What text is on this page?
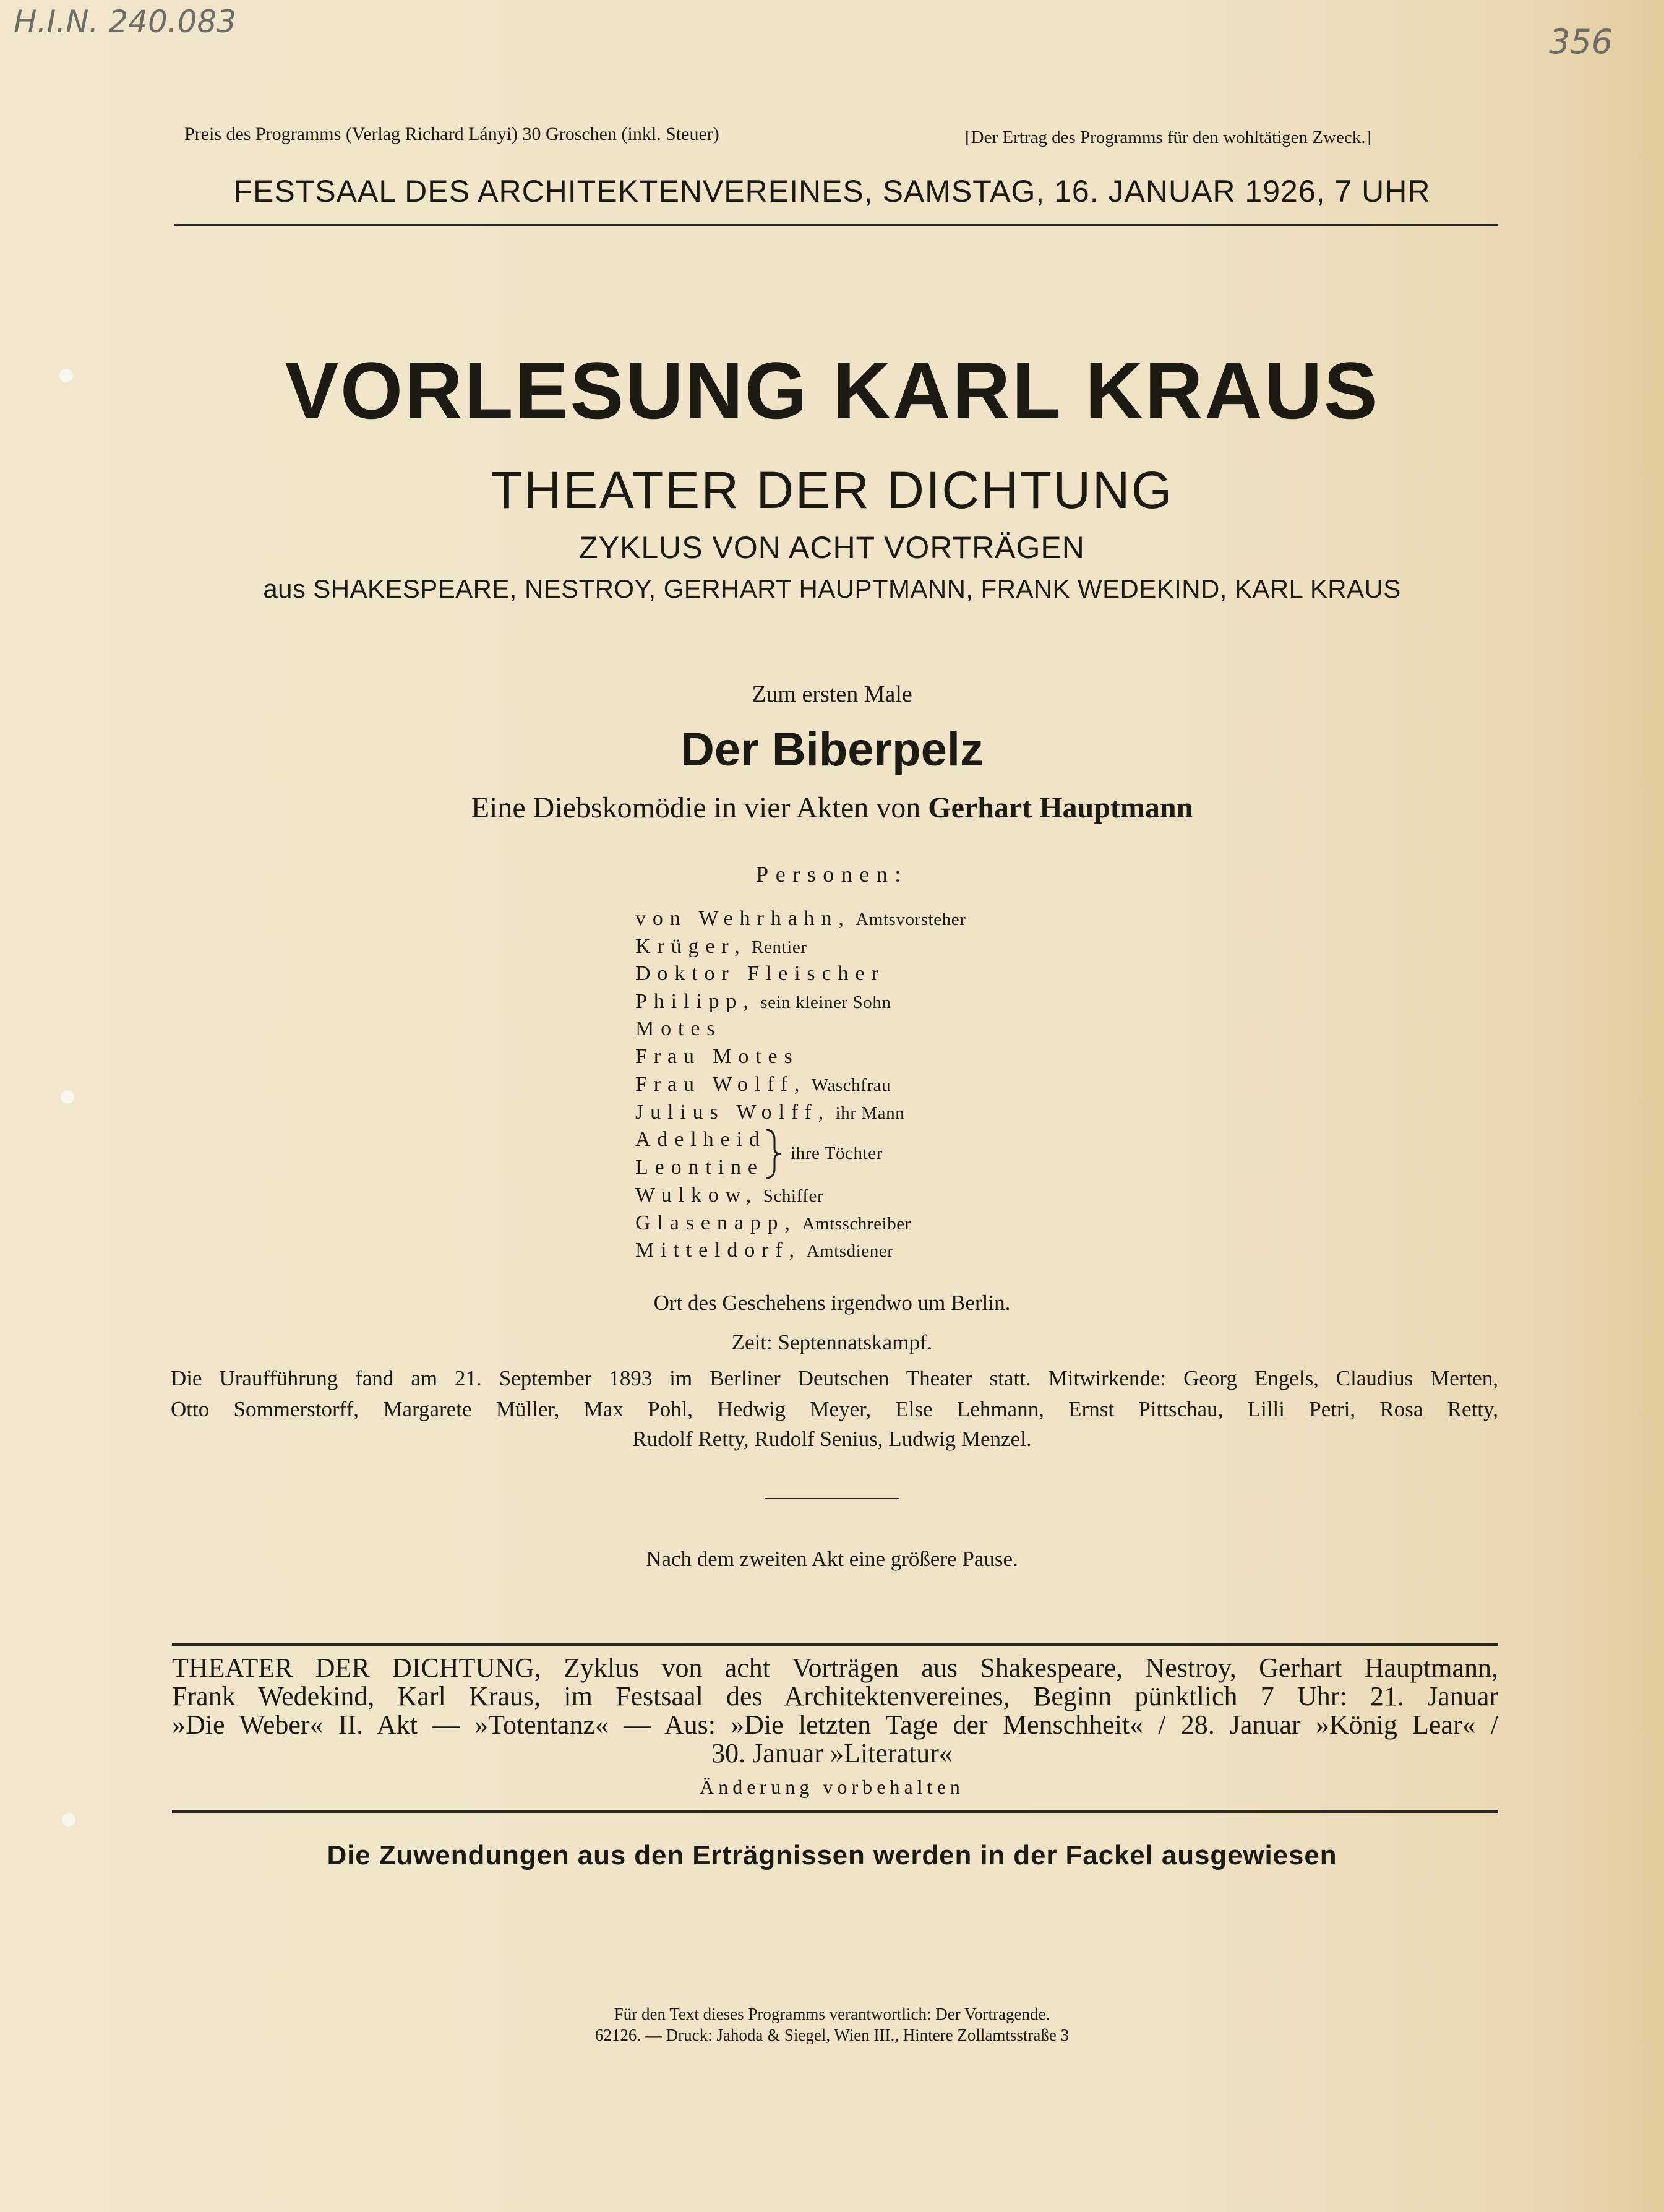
H.I.N. 240.083
356
Preis des Programms (Verlag Richard Lányi) 30 Groschen (inkl. Steuer)	[Der Ertrag des Programms für den wohltätigen Zweck.]
FESTSAAL DES ARCHITEKTENVEREINES, SAMSTAG, 16. JANUAR 1926, 7 UHR
VORLESUNG KARL KRAUS
THEATER DER DICHTUNG
ZYKLUS VON ACHT VORTRÄGEN
aus SHAKESPEARE, NESTROY, GERHART HAUPTMANN, FRANK WEDEKIND, KARL KRAUS
Zum ersten Male
Der Biberpelz
Eine Diebskomödie in vier Akten von Gerhart Hauptmann
Personen:
von Wehrhahn, Amtsvorsteher
Krüger, Rentier
Doktor Fleischer
Philipp, sein kleiner Sohn
Motes
Frau Motes
Frau Wolff, Waschfrau
Julius Wolff, ihr Mann
Adelheid
Leontine
Wulkow, Schiffer
Glasenapp, Amtsschreiber
Mitteldorf, Amtsdiener
ihre Töchter
Ort des Geschehens irgendwo um Berlin.
Zeit: Septennatskampf.
Die Uraufführung fand am 21. September 1893 im Berliner Deutschen Theater statt. Mitwirkende: Georg Engels, Claudius Merten,
Otto Sommerstorff, Margarete Müller, Max Pohl, Hedwig Meyer, Else Lehmann, Ernst Pittschau, Lilli Petri, Rosa Retty,
Rudolf Retty, Rudolf Senius, Ludwig Menzel.
Nach dem zweiten Akt eine größere Pause.
THEATER DER DICHTUNG, Zyklus von acht Vorträgen aus Shakespeare, Nestroy, Gerhart Hauptmann,
Frank Wedekind, Karl Kraus, im Festsaal des Architektenvereines, Beginn pünktlich 7 Uhr: 21. Januar
»Die Weber« II. Akt — »Totentanz« — Aus: »Die letzten Tage der Menschheit« / 28. Januar »König Lear« /
30. Januar »Literatur«
Änderung vorbehalten
Die Zuwendungen aus den Erträgnissen werden in der Fackel ausgewiesen
Für den Text dieses Programms verantwortlich: Der Vortragende.
62126. — Druck: Jahoda & Siegel, Wien III., Hintere Zollamtsstraße 3
